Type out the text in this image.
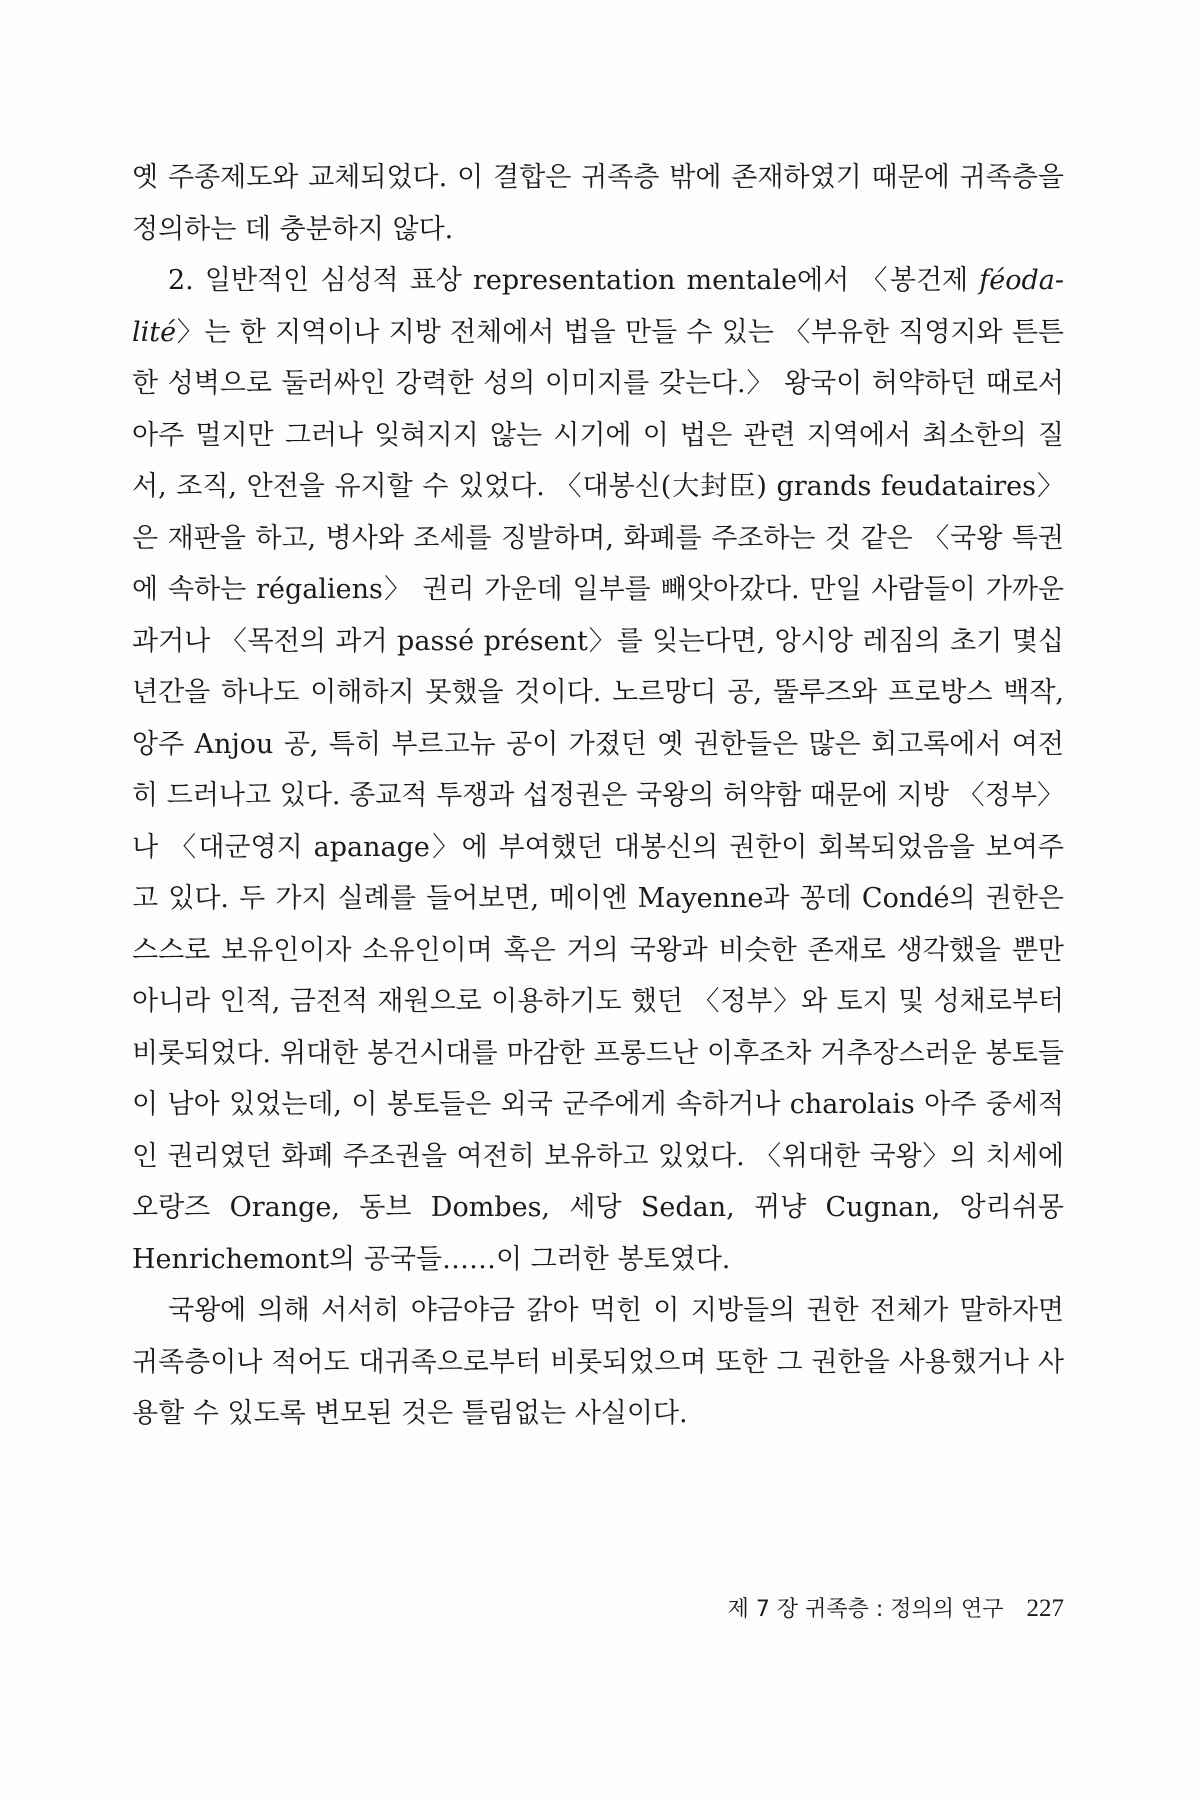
옛 주종제도와 교체되었다. 이 결합은 귀족층 밖에 존재하였기 때문에 귀족층을 정의하는 데 충분하지 않다.

2. 일반적인 심성적 표상 representation mentale에서 〈봉건제 féodalité〉는 한 지역이나 지방 전체에서 법을 만들 수 있는 〈부유한 직영지와 튼튼한 성벽으로 둘러싸인 강력한 성의 이미지를 갖는다.〉 왕국이 허약하던 때로서 아주 멀지만 그러나 잊혀지지 않는 시기에 이 법은 관련 지역에서 최소한의 질서, 조직, 안전을 유지할 수 있었다. 〈대봉신(大封臣) grands feudataires〉은 재판을 하고, 병사와 조세를 징발하며, 화폐를 주조하는 것 같은 〈국왕 특권에 속하는 régaliens〉 권리 가운데 일부를 빼앗아갔다. 만일 사람들이 가까운 과거나 〈목전의 과거 passé présent〉를 잊는다면, 앙시앙 레짐의 초기 몇십 년간을 하나도 이해하지 못했을 것이다. 노르망디 공, 뚤루즈와 프로방스 백작, 앙주 Anjou 공, 특히 부르고뉴 공이 가졌던 옛 권한들은 많은 회고록에서 여전히 드러나고 있다. 종교적 투쟁과 섭정권은 국왕의 허약함 때문에 지방 〈정부〉나 〈대군영지 apanage〉에 부여했던 대봉신의 권한이 회복되었음을 보여주고 있다. 두 가지 실례를 들어보면, 메이엔 Mayenne과 꽁데 Condé의 권한은 스스로 보유인이자 소유인이며 혹은 거의 국왕과 비슷한 존재로 생각했을 뿐만 아니라 인적, 금전적 재원으로 이용하기도 했던 〈정부〉와 토지 및 성채로부터 비롯되었다. 위대한 봉건시대를 마감한 프롱드난 이후조차 거추장스러운 봉토들이 남아 있었는데, 이 봉토들은 외국 군주에게 속하거나 charolais 아주 중세적인 권리였던 화폐 주조권을 여전히 보유하고 있었다. 〈위대한 국왕〉의 치세에 오랑즈 Orange, 동브 Dombes, 세당 Sedan, 뀌냥 Cugnan, 앙리쉬몽 Henrichemont의 공국들……이 그러한 봉토였다.

국왕에 의해 서서히 야금야금 갉아 먹힌 이 지방들의 권한 전체가 말하자면 귀족층이나 적어도 대귀족으로부터 비롯되었으며 또한 그 권한을 사용했거나 사용할 수 있도록 변모된 것은 틀림없는 사실이다.

제 7 장 귀족층 : 정의의 연구 227
